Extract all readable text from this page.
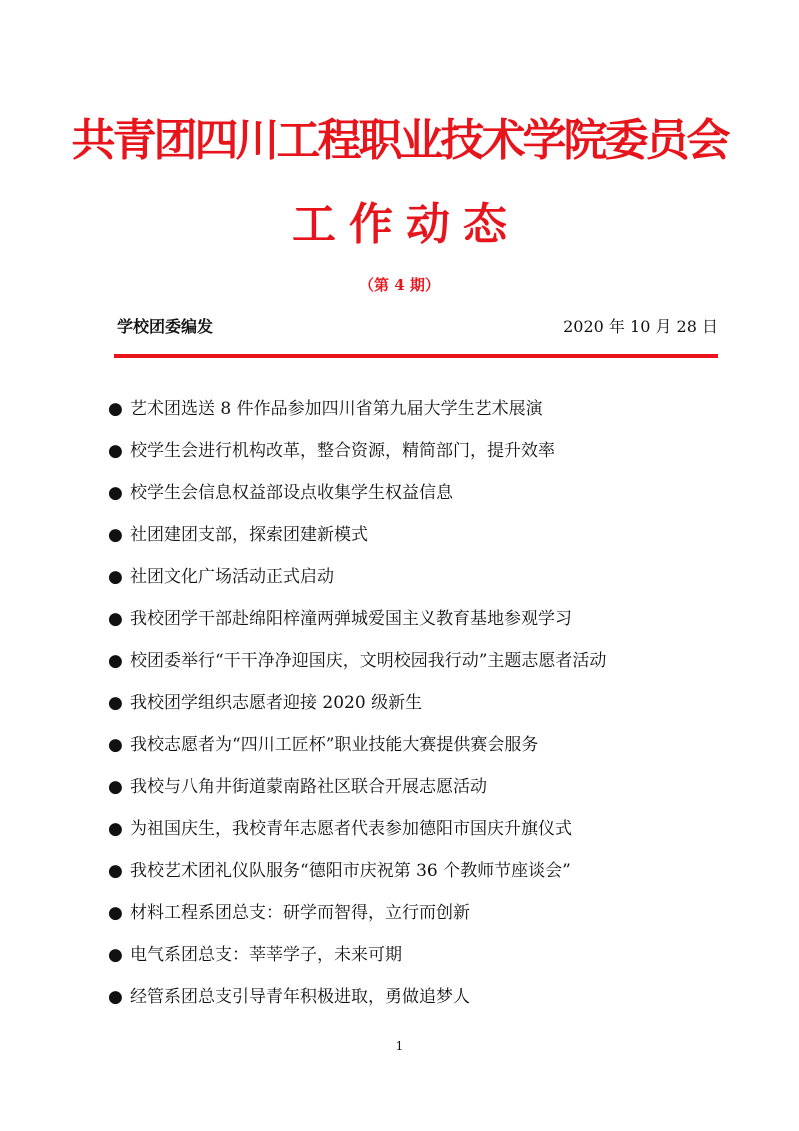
共青团四川工程职业技术学院委员会
工作动态
（第 4 期）
学校团委编发	2020 年 10 月 28 日
● 艺术团选送 8 件作品参加四川省第九届大学生艺术展演
● 校学生会进行机构改革，整合资源，精简部门，提升效率
● 校学生会信息权益部设点收集学生权益信息
● 社团建团支部，探索团建新模式
● 社团文化广场活动正式启动
● 我校团学干部赴绵阳梓潼两弹城爱国主义教育基地参观学习
● 校团委举行“干干净净迎国庆，文明校园我行动”主题志愿者活动
● 我校团学组织志愿者迎接 2020 级新生
● 我校志愿者为“四川工匠杯”职业技能大赛提供赛会服务
● 我校与八角井街道蒙南路社区联合开展志愿活动
● 为祖国庆生，我校青年志愿者代表参加德阳市国庆升旗仪式
● 我校艺术团礼仪队服务“德阳市庆祝第 36 个教师节座谈会”
● 材料工程系团总支：研学而智得，立行而创新
● 电气系团总支：莘莘学子，未来可期
● 经管系团总支引导青年积极进取，勇做追梦人
1
